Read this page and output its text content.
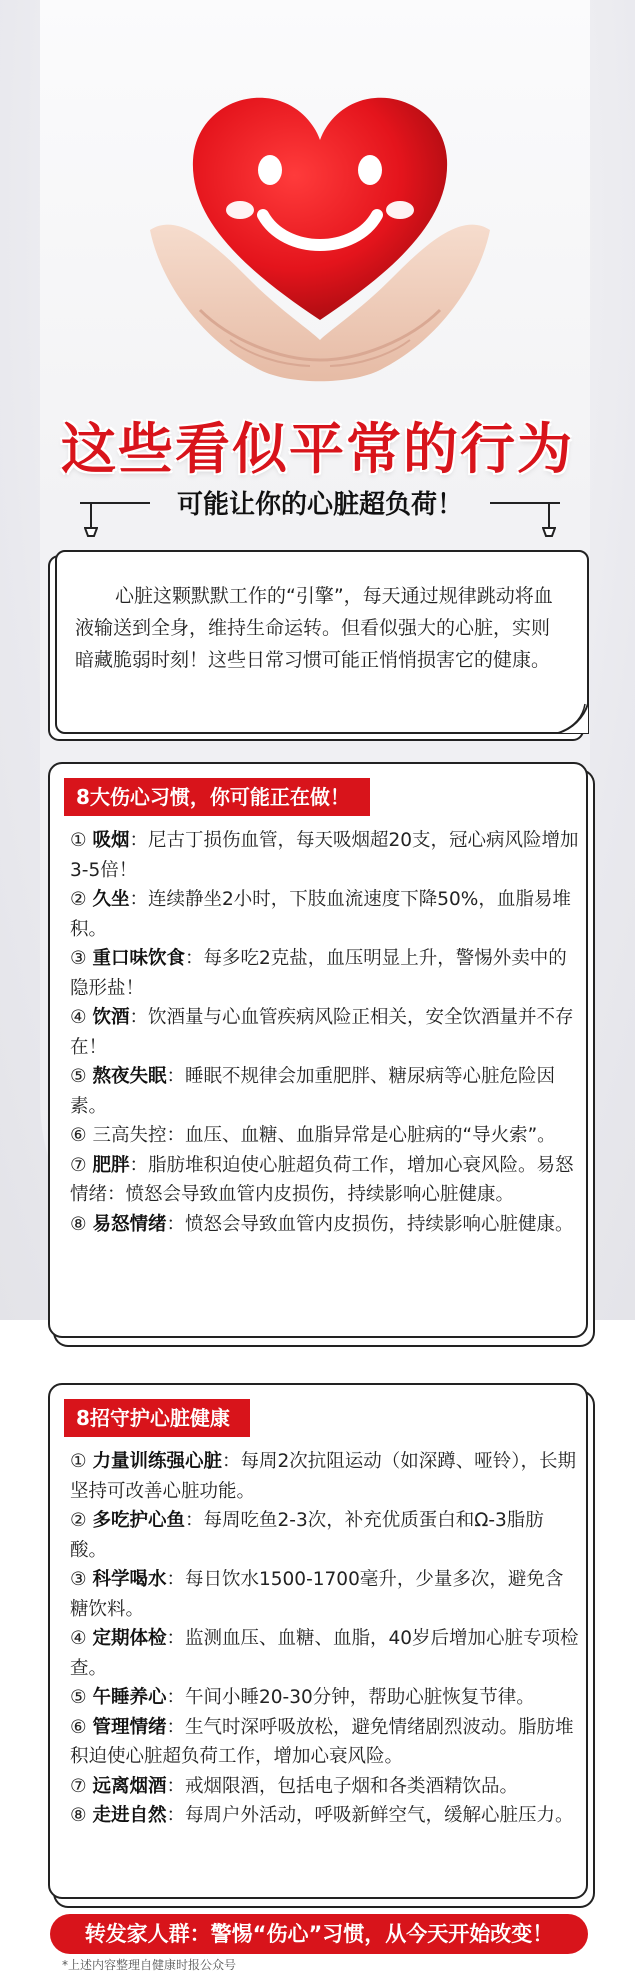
这些看似平常的行为
可能让你的心脏超负荷！
心脏这颗默默工作的“引擎”，每天通过规律跳动将血液输送到全身，维持生命运转。但看似强大的心脏，实则暗藏脆弱时刻！这些日常习惯可能正悄悄损害它的健康。
8大伤心习惯，你可能正在做！

① 吸烟：尼古丁损伤血管，每天吸烟超20支，冠心病风险增加3-5倍！

② 久坐：连续静坐2小时，下肢血流速度下降50%，血脂易堆积。

③ 重口味饮食：每多吃2克盐，血压明显上升，警惕外卖中的隐形盐！

④ 饮酒：饮酒量与心血管疾病风险正相关，安全饮酒量并不存在！

⑤ 熬夜失眠：睡眠不规律会加重肥胖、糖尿病等心脏危险因素。

⑥ 三高失控：血压、血糖、血脂异常是心脏病的“导火索”。

⑦ 肥胖：脂肪堆积迫使心脏超负荷工作，增加心衰风险。易怒情绪：愤怒会导致血管内皮损伤，持续影响心脏健康。

⑧ 易怒情绪：愤怒会导致血管内皮损伤，持续影响心脏健康。

8招守护心脏健康

① 力量训练强心脏：每周2次抗阻运动（如深蹲、哑铃），长期坚持可改善心脏功能。

② 多吃护心鱼：每周吃鱼2-3次，补充优质蛋白和Ω-3脂肪酸。

③ 科学喝水：每日饮水1500-1700毫升，少量多次，避免含糖饮料。

④ 定期体检：监测血压、血糖、血脂，40岁后增加心脏专项检查。

⑤ 午睡养心：午间小睡20-30分钟，帮助心脏恢复节律。

⑥ 管理情绪：生气时深呼吸放松，避免情绪剧烈波动。脂肪堆积迫使心脏超负荷工作，增加心衰风险。

⑦ 远离烟酒：戒烟限酒，包括电子烟和各类酒精饮品。

⑧ 走进自然：每周户外活动，呼吸新鲜空气，缓解心脏压力。

转发家人群：警惕“伤心”习惯，从今天开始改变！
*上述内容整理自健康时报公众号
